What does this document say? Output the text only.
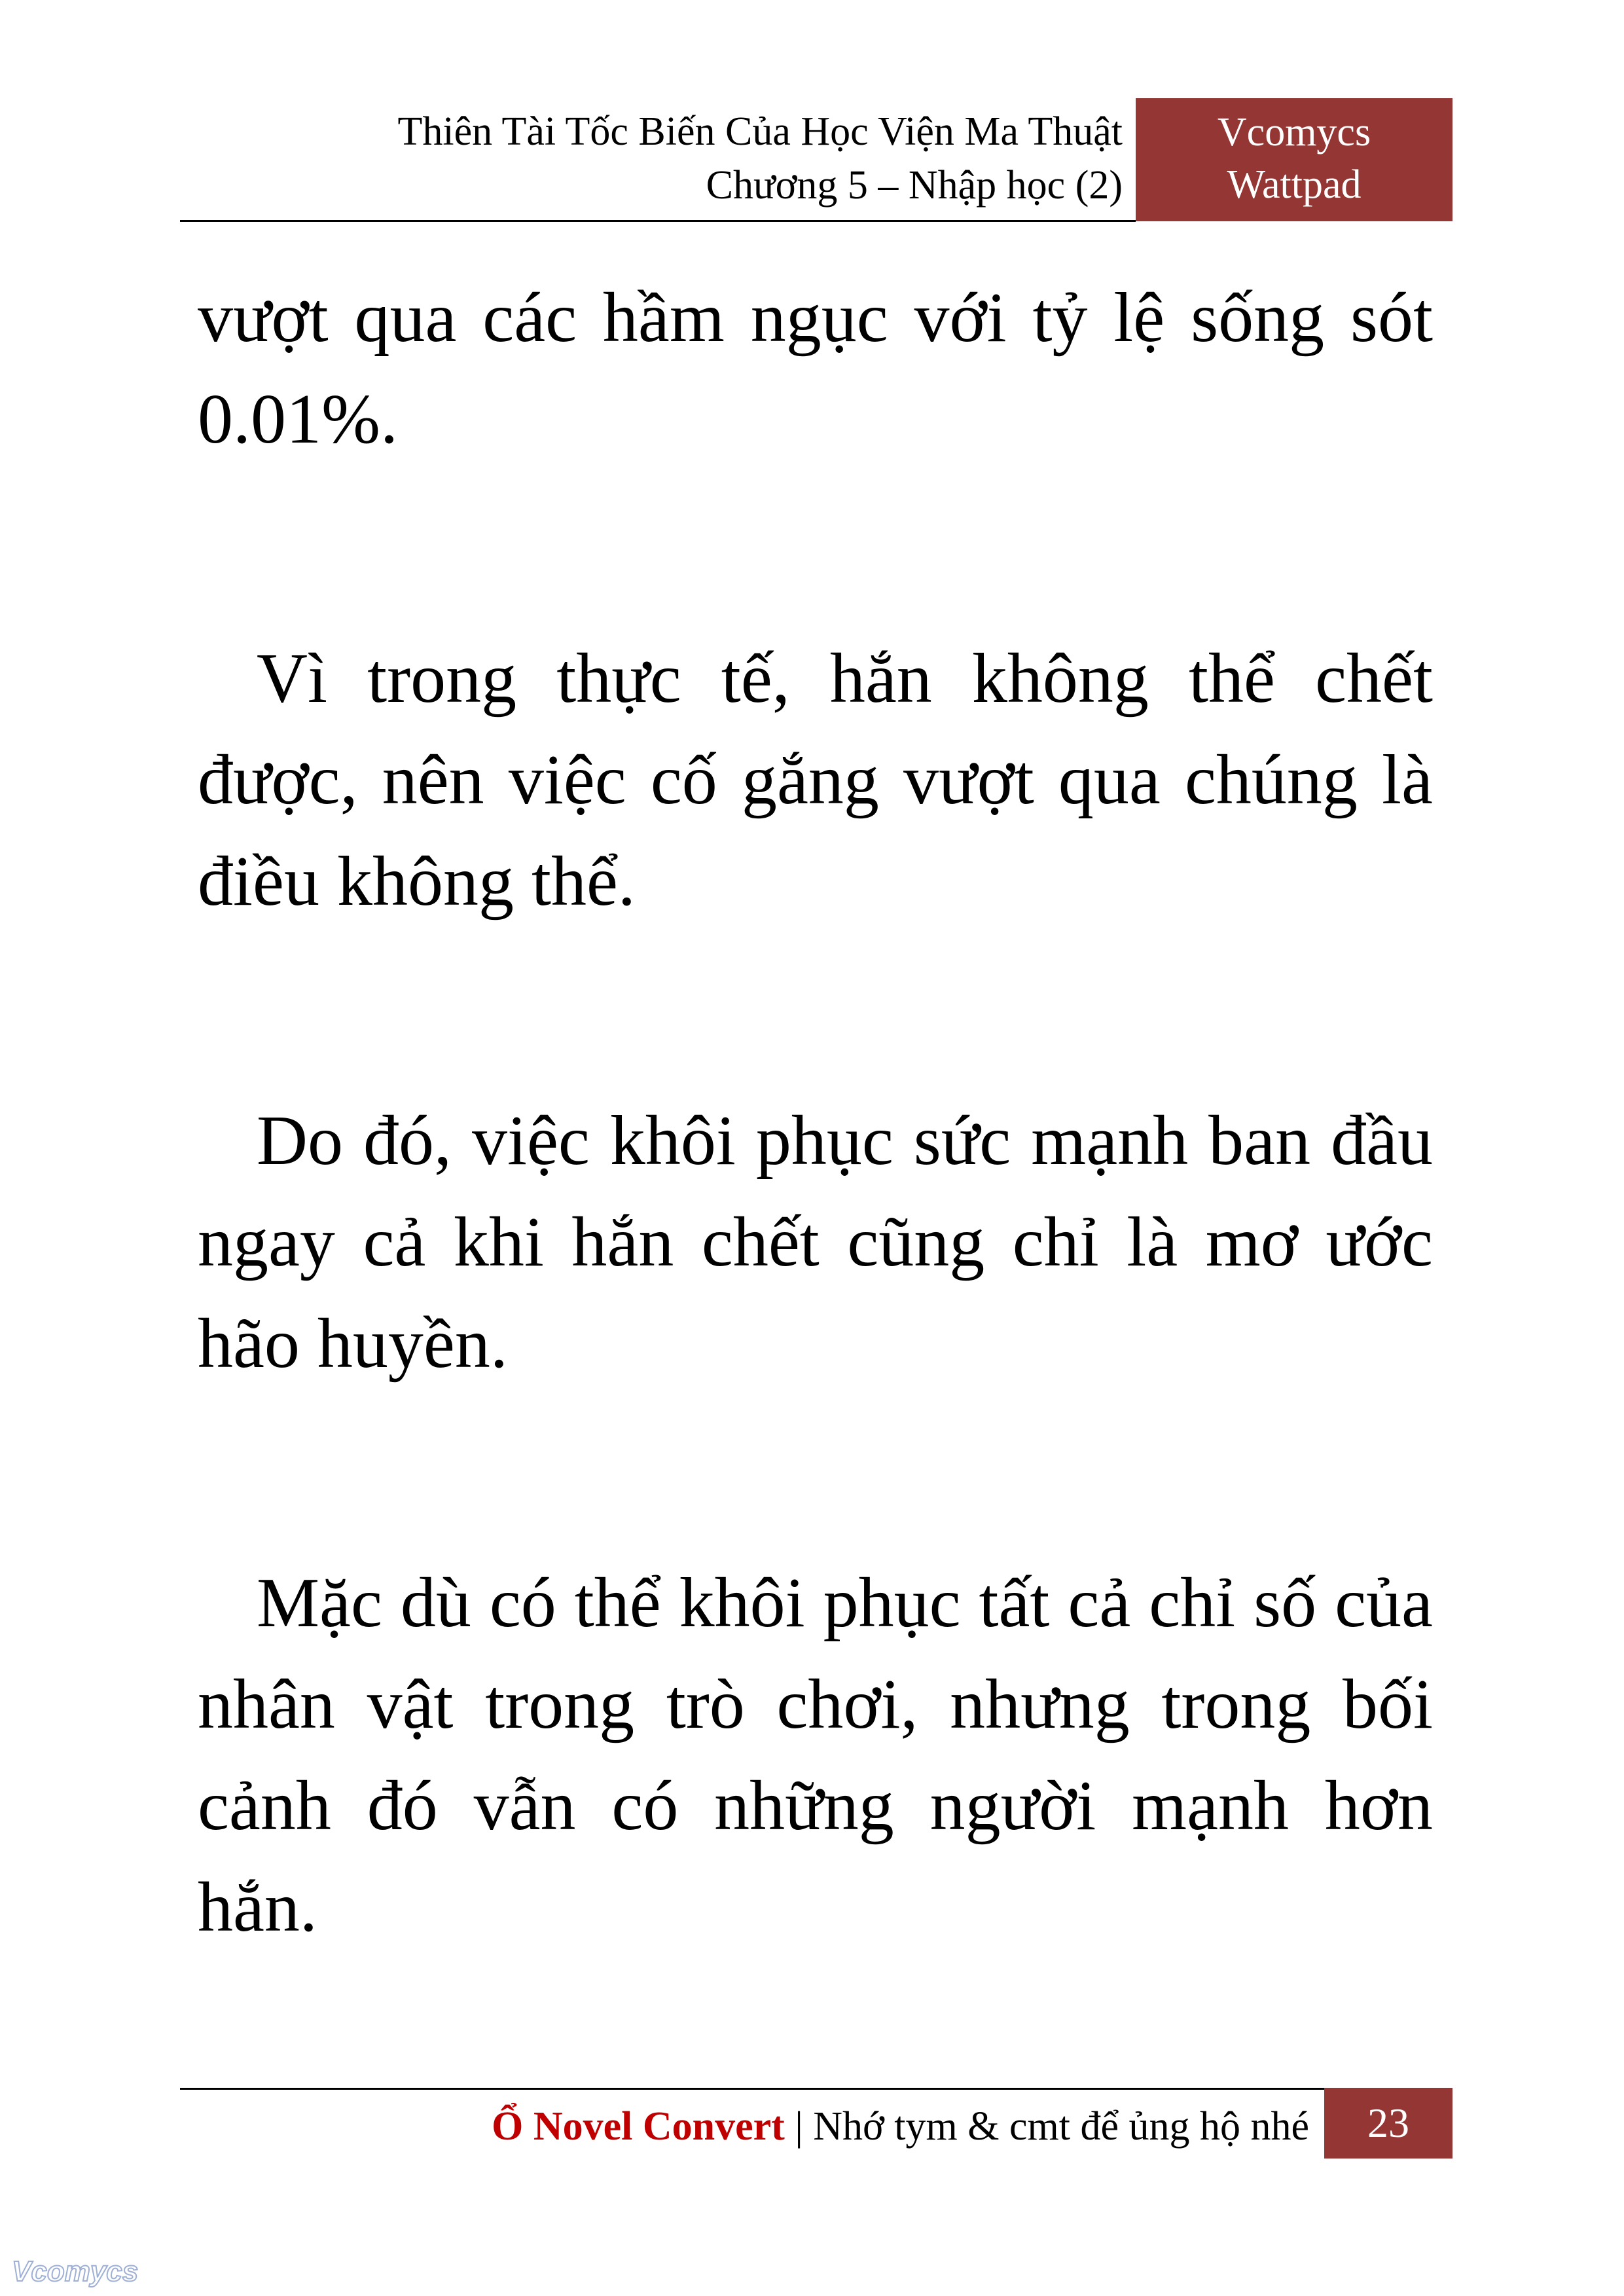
Thiên Tài Tốc Biến Của Học Viện Ma Thuật
Chương 5 – Nhập học (2)
Vcomycs
Wattpad

vượt qua các hầm ngục với tỷ lệ sống sót 0.01%.

Vì trong thực tế, hắn không thể chết được, nên việc cố gắng vượt qua chúng là điều không thể.

Do đó, việc khôi phục sức mạnh ban đầu ngay cả khi hắn chết cũng chỉ là mơ ước hão huyền.

Mặc dù có thể khôi phục tất cả chỉ số của nhân vật trong trò chơi, nhưng trong bối cảnh đó vẫn có những người mạnh hơn hắn.

Ổ Novel Convert | Nhớ tym & cmt để ủng hộ nhé	23
Vcomycs
